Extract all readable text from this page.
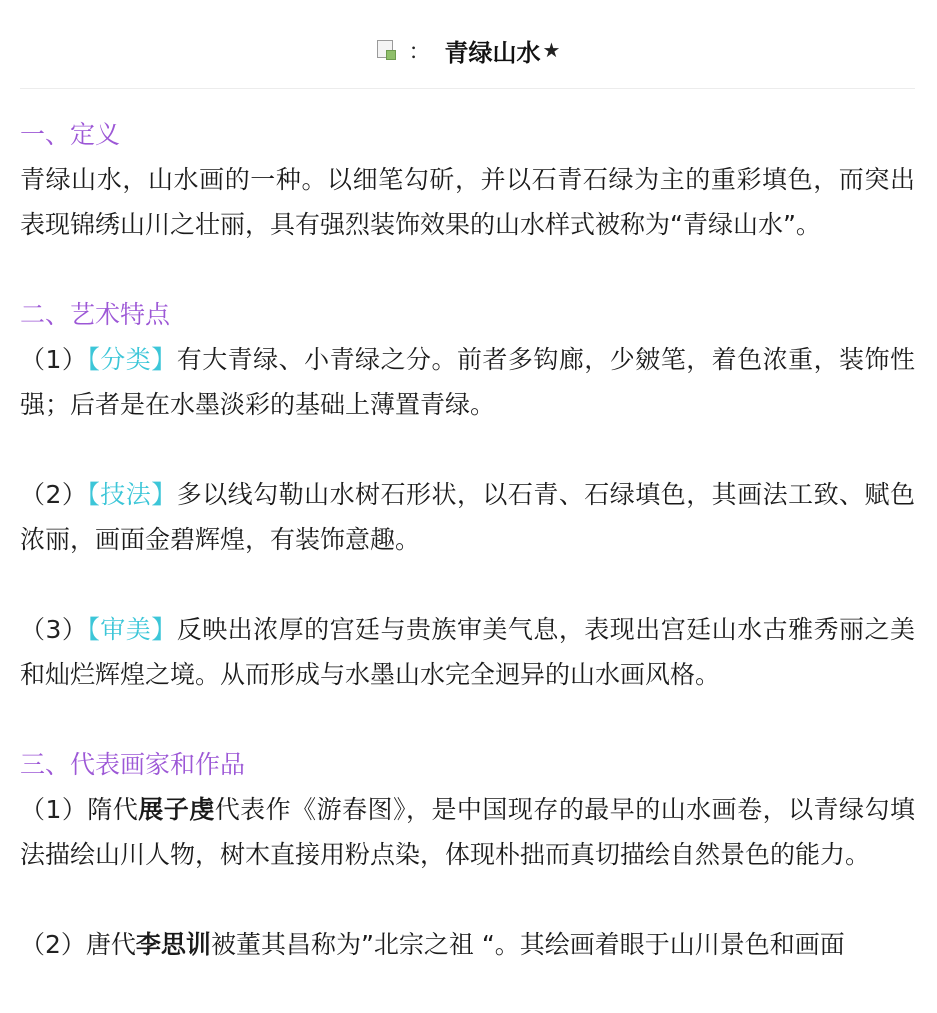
： 青绿山水 ★
一、定义

青绿山水，山水画的一种。以细笔勾斫，并以石青石绿为主的重彩填色，而突出表现锦绣山川之壮丽，具有强烈装饰效果的山水样式被称为“青绿山水”。

二、艺术特点

（1）【分类】有大青绿、小青绿之分。前者多钩廊，少皴笔，着色浓重，装饰性强；后者是在水墨淡彩的基础上薄置青绿。

（2）【技法】多以线勾勒山水树石形状，以石青、石绿填色，其画法工致、赋色浓丽，画面金碧辉煌，有装饰意趣。

（3）【审美】反映出浓厚的宫廷与贵族审美气息，表现出宫廷山水古雅秀丽之美和灿烂辉煌之境。从而形成与水墨山水完全迥异的山水画风格。

三、代表画家和作品

（1）隋代展子虔代表作《游春图》，是中国现存的最早的山水画卷，以青绿勾填法描绘山川人物，树木直接用粉点染，体现朴拙而真切描绘自然景色的能力。

（2）唐代李思训被董其昌称为”北宗之祖 “。其绘画着眼于山川景色和画面
